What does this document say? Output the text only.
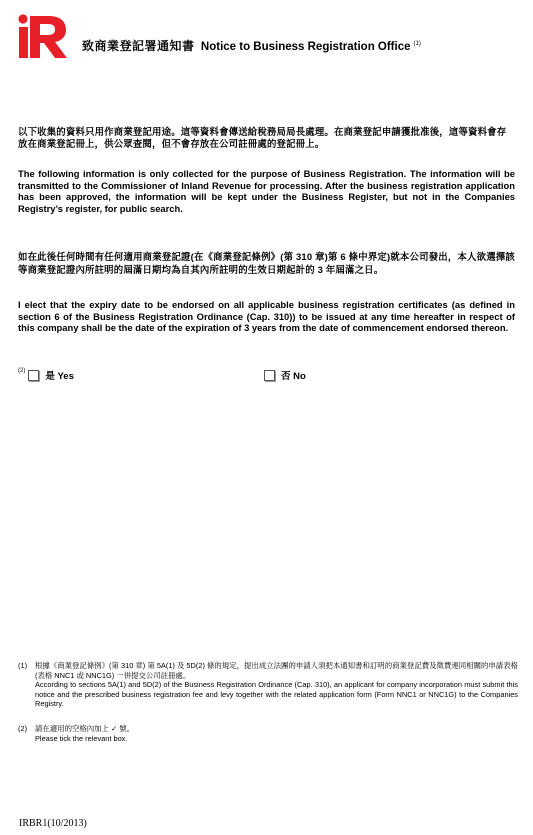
致商業登記署通知書 Notice to Business Registration Office $^{(1)}$
以下收集的資料只用作商業登記用途。這等資料會傳送給稅務局局長處理。在商業登記申請獲批准後，這等資料會存放在商業登記冊上，供公眾查閱，但不會存放在公司註冊處的登記冊上。
The following information is only collected for the purpose of Business Registration. The information will be transmitted to the Commissioner of Inland Revenue for processing. After the business registration application has been approved, the information will be kept under the Business Register, but not in the Companies Registry’s register, for public search.
如在此後任何時間有任何適用商業登記證(在《商業登記條例》(第 310 章)第 6 條中界定)就本公司發出，本人欲選擇該等商業登記證內所註明的屆滿日期均為自其內所註明的生效日期起計的 3 年屆滿之日。
I elect that the expiry date to be endorsed on all applicable business registration certificates (as defined in section 6 of the Business Registration Ordinance (Cap. 310)) to be issued at any time hereafter in respect of this company shall be the date of the expiration of 3 years from the date of commencement endorsed thereon.
(2) 是 Yes	否 No
(1) 根據《商業登記條例》(第 310 章) 第 5A(1) 及 5D(2) 條的規定，提出成立法團的申請人須把本通知書和訂明的商業登記費及徵費連同相關的申請表格 (表格 NNC1 或 NNC1G) 一併提交公司註冊處。
According to sections 5A(1) and 5D(2) of the Business Registration Ordinance (Cap. 310), an applicant for company incorporation must submit this notice and the prescribed business registration fee and levy together with the related application form (Form NNC1 or NNC1G) to the Companies Registry.
(2) 請在適用的空格內加上 ✓ 號。
Please tick the relevant box.
IRBR1(10/2013)
